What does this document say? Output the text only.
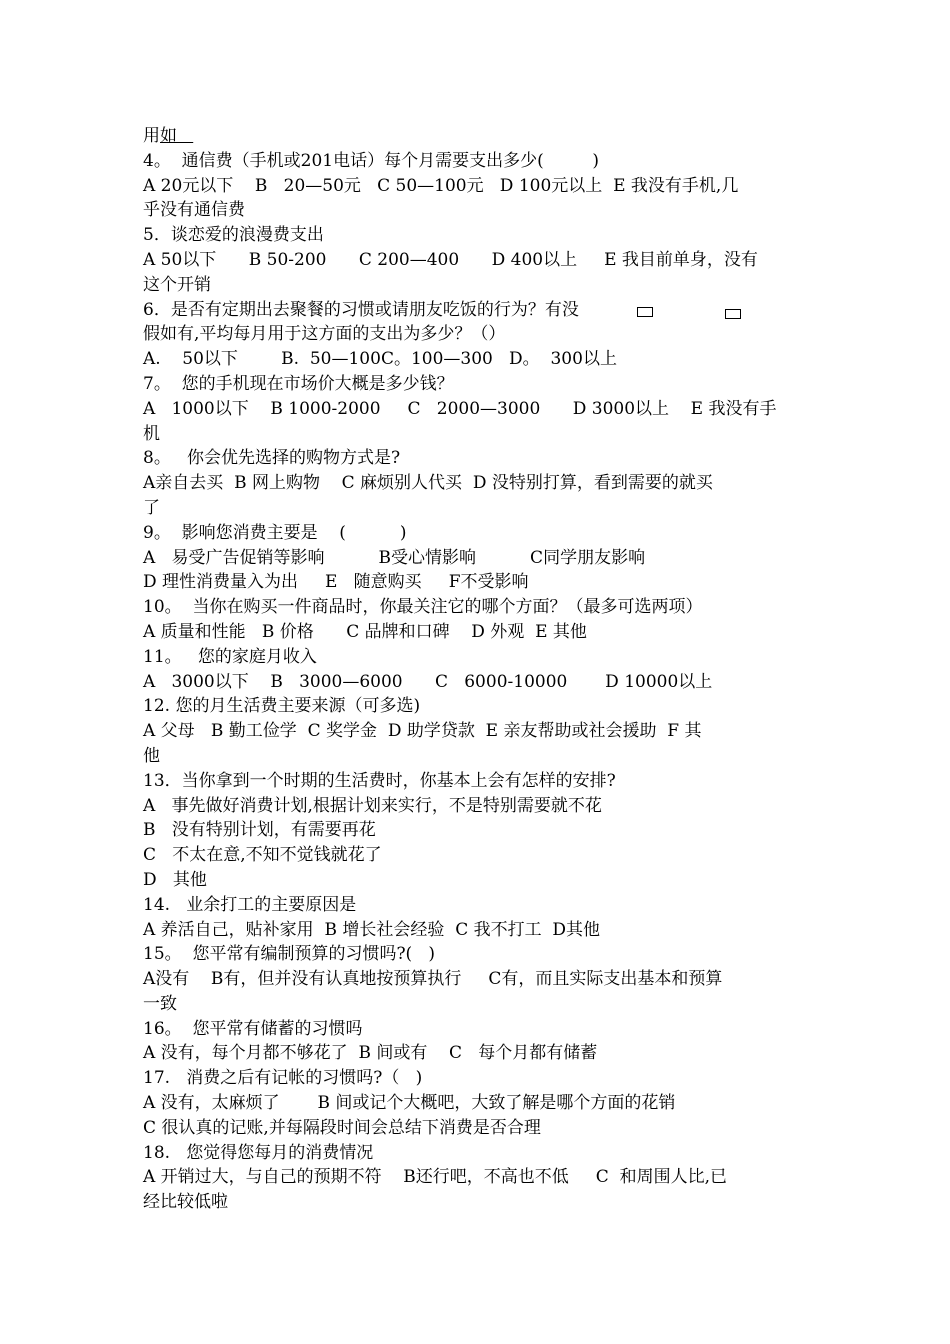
用如
4。  通信费（手机或201电话）每个月需要支出多少(         )
A 20元以下    B   20—50元   C 50—100元   D 100元以上  E 我没有手机,几
乎没有通信费
5．谈恋爱的浪漫费支出
A 50以下      B 50-200      C 200—400      D 400以上     E 我目前单身，没有
这个开销
6．是否有定期出去聚餐的习惯或请朋友吃饭的行为？有没
假如有,平均每月用于这方面的支出为多少？（）
A.    50以下        B.  50—100C。100—300   D。  300以上
7。  您的手机现在市场价大概是多少钱？
A   1000以下    B 1000-2000     C   2000—3000      D 3000以上    E 我没有手
机
8。   你会优先选择的购物方式是?
A亲自去买  B 网上购物    C 麻烦别人代买  D 没特别打算，看到需要的就买
了
9。  影响您消费主要是    (          )
A   易受广告促销等影响          B受心情影响          C同学朋友影响
D 理性消费量入为出     E   随意购买     F不受影响
10。  当你在购买一件商品时，你最关注它的哪个方面？（最多可选两项）
A 质量和性能   B 价格      C 品牌和口碑    D 外观  E 其他
11。   您的家庭月收入
A   3000以下    B   3000—6000      C   6000-10000       D 10000以上
12. 您的月生活费主要来源（可多选)
A 父母   B 勤工俭学  C 奖学金  D 助学贷款  E 亲友帮助或社会援助  F 其
他
13．当你拿到一个时期的生活费时，你基本上会有怎样的安排?
A   事先做好消费计划,根据计划来实行，不是特别需要就不花
B   没有特别计划，有需要再花
C   不太在意,不知不觉钱就花了
D   其他
14.   业余打工的主要原因是
A 养活自己，贴补家用  B 增长社会经验  C 我不打工  D其他
15。  您平常有编制预算的习惯吗?(   )
A没有    B有，但并没有认真地按预算执行     C有，而且实际支出基本和预算
一致
16。  您平常有储蓄的习惯吗
A 没有，每个月都不够花了  B 间或有    C   每个月都有储蓄
17.   消费之后有记帐的习惯吗?（   )
A 没有，太麻烦了       B 间或记个大概吧，大致了解是哪个方面的花销
C 很认真的记账,并每隔段时间会总结下消费是否合理
18.   您觉得您每月的消费情况
A 开销过大，与自己的预期不符    B还行吧，不高也不低     C  和周围人比,已
经比较低啦
